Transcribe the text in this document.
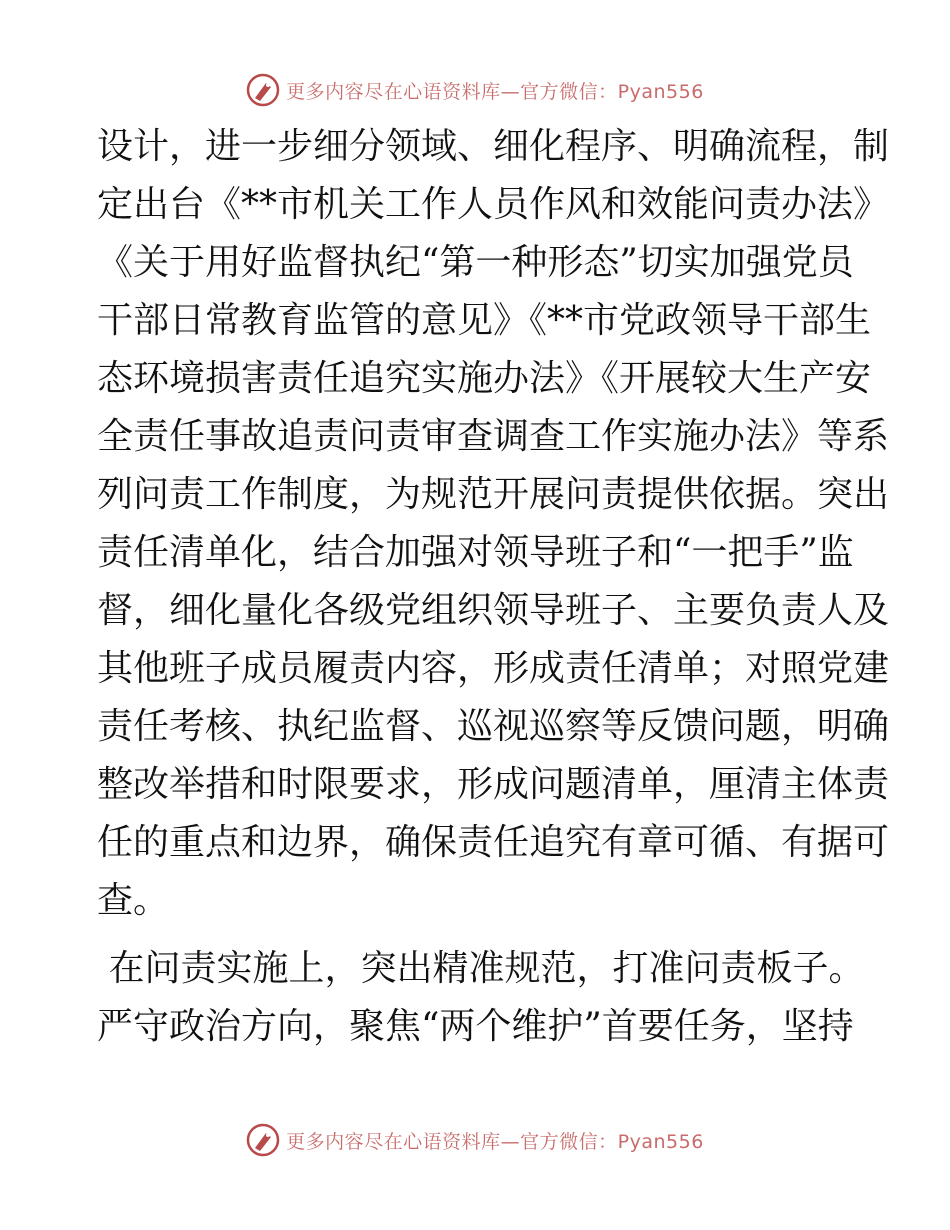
更多内容尽在心语资料库—官方微信：Pyan556
设计，进一步细分领域、细化程序、明确流程，制
定出台《**市机关工作人员作风和效能问责办法》
《关于用好监督执纪“第一种形态”切实加强党员
干部日常教育监管的意见》《**市党政领导干部生
态环境损害责任追究实施办法》《开展较大生产安
全责任事故追责问责审查调查工作实施办法》等系
列问责工作制度，为规范开展问责提供依据。突出
责任清单化，结合加强对领导班子和“一把手”监
督，细化量化各级党组织领导班子、主要负责人及
其他班子成员履责内容，形成责任清单；对照党建
责任考核、执纪监督、巡视巡察等反馈问题，明确
整改举措和时限要求，形成问题清单，厘清主体责
任的重点和边界，确保责任追究有章可循、有据可
查。
在问责实施上，突出精准规范，打准问责板子。
严守政治方向，聚焦“两个维护”首要任务，坚持
更多内容尽在心语资料库—官方微信：Pyan556
